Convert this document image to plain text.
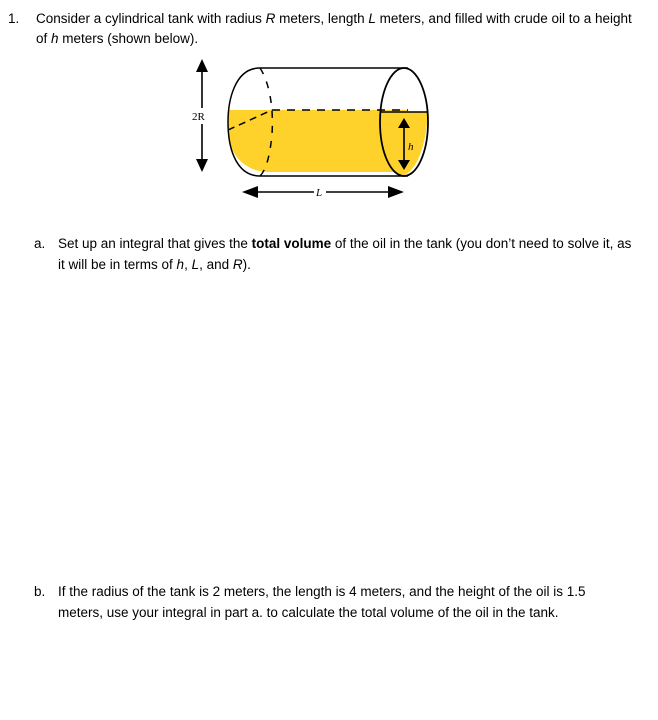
1. Consider a cylindrical tank with radius R meters, length L meters, and filled with crude oil to a height of h meters (shown below).
h
2R
L
a. Set up an integral that gives the total volume of the oil in the tank (you don’t need to solve it, as it will be in terms of h, L, and R).
b. If the radius of the tank is 2 meters, the length is 4 meters, and the height of the oil is 1.5 meters, use your integral in part a. to calculate the total volume of the oil in the tank.
